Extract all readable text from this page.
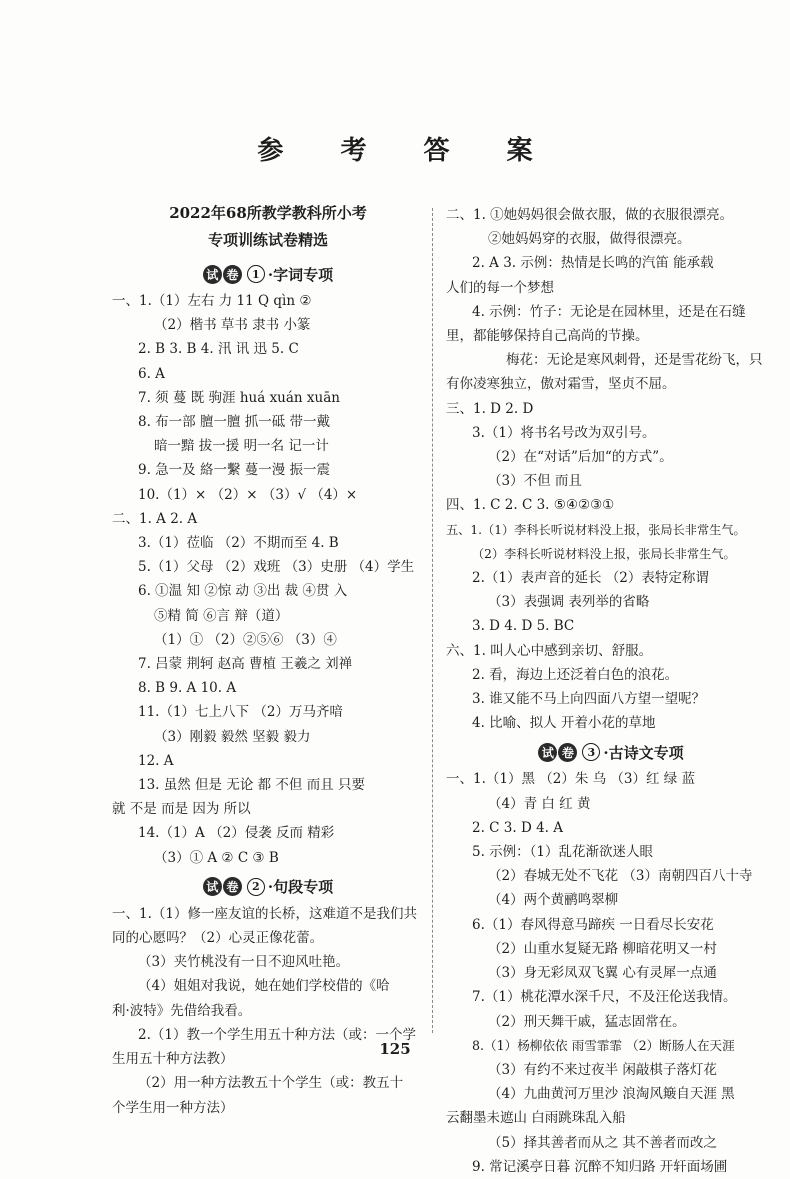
参 考 答 案
2022年68所教学教科所小考
专项训练试卷精选
试 卷	1 ·字词专项
一、1.（1）左右 力 11 Q qìn ②
（2）楷书 草书 隶书 小篆
2. B 3. B 4. 汛 讯 迅 5. C
6. A
7. 须 蔓 既 驹涯 huá xuán xuān
8. 布一部 膻一膻 抓一砥 带一戴
暗一黯 拔一援 明一名 记一计
9. 急一及 絡一繫 蔓一漫 振一震
10.（1）× （2）× （3）√ （4）×
二、1. A 2. A
3.（1）莅临 （2）不期而至 4. B
5.（1）父母 （2）戏班 （3）史册 （4）学生
6. ①温 知 ②惊 动 ③出 裁 ④贯 入
⑤精 简 ⑥言 辩（道）
（1）① （2）②⑤⑥ （3）④
7. 吕蒙 荆轲 赵高 曹植 王羲之 刘禅
8. B 9. A 10. A
11.（1）七上八下 （2）万马齐喑
（3）刚毅 毅然 坚毅 毅力
12. A
13. 虽然 但是 无论 都 不但 而且 只要
就 不是 而是 因为 所以
14.（1）A （2）侵袭 反而 精彩
（3）① A ② C ③ B
试 卷	2 ·句段专项
一、1.（1）修一座友谊的长桥，这难道不是我们共
同的心愿吗？（2）心灵正像花蕾。
（3）夹竹桃没有一日不迎风吐艳。
（4）姐姐对我说，她在她们学校借的《哈
利·波特》先借给我看。
2.（1）教一个学生用五十种方法（或：一个学
生用五十种方法教）
（2）用一种方法教五十个学生（或：教五十
个学生用一种方法）
二、1. ①她妈妈很会做衣服，做的衣服很漂亮。
②她妈妈穿的衣服，做得很漂亮。
2. A 3. 示例：热情是长鸣的汽笛 能承载
人们的每一个梦想
4. 示例：竹子：无论是在园林里，还是在石缝
里，都能够保持自己高尚的节操。
梅花：无论是寒风刺骨，还是雪花纷飞，只
有你凌寒独立，傲对霜雪，坚贞不屈。
三、1. D 2. D
3.（1）将书名号改为双引号。
（2）在“对话”后加“的方式”。
（3）不但 而且
四、1. C 2. C 3. ⑤④②③①
五、1.（1）李科长听说材料没上报，张局长非常生气。
（2）李科长听说材料没上报，张局长非常生气。
2.（1）表声音的延长 （2）表特定称谓
（3）表强调 表列举的省略
3. D 4. D 5. BC
六、1. 叫人心中感到亲切、舒服。
2. 看，海边上还泛着白色的浪花。
3. 谁又能不马上向四面八方望一望呢？
4. 比喻、拟人 开着小花的草地
试 卷	3 ·古诗文专项
一、1.（1）黑 （2）朱 乌 （3）红 绿 蓝
（4）青 白 红 黄
2. C 3. D 4. A
5. 示例：（1）乱花渐欲迷人眼
（2）春城无处不飞花 （3）南朝四百八十寺
（4）两个黄鹂鸣翠柳
6.（1）春风得意马蹄疾 一日看尽长安花
（2）山重水复疑无路 柳暗花明又一村
（3）身无彩凤双飞翼 心有灵犀一点通
7.（1）桃花潭水深千尺，不及汪伦送我情。
（2）刑天舞干戚，猛志固常在。
8.（1）杨柳依依 雨雪霏霏 （2）断肠人在天涯
（3）有约不来过夜半 闲敲棋子落灯花
（4）九曲黄河万里沙 浪淘风簸自天涯 黑
云翻墨未遮山 白雨跳珠乱入船
（5）择其善者而从之 其不善者而改之
9. 常记溪亭日暮 沉醉不知归路 开轩面场圃
125
